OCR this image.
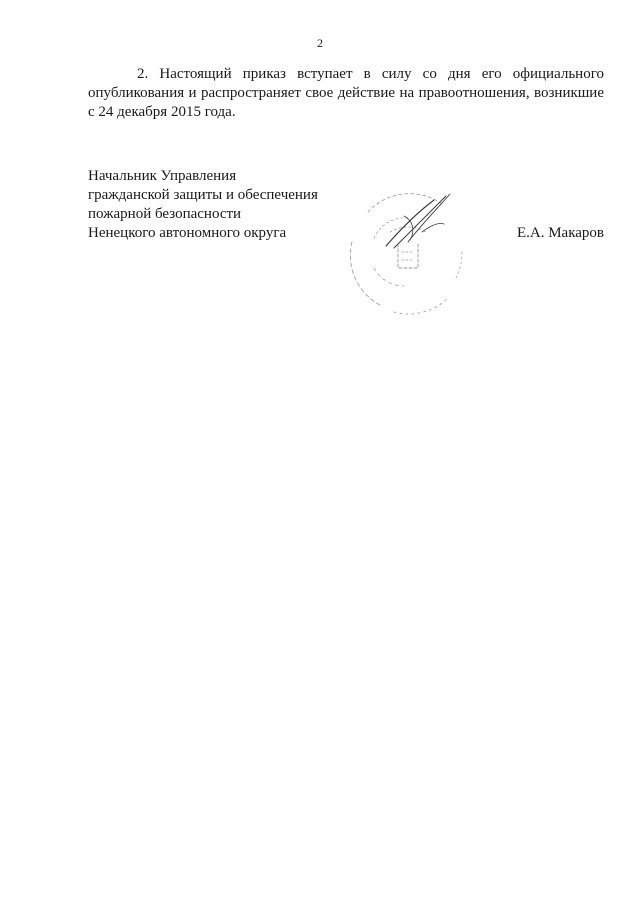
2

2. Настоящий приказ вступает в силу со дня его официального опубликования и распространяет свое действие на правоотношения, возникшие с 24 декабря 2015 года.

Начальник Управления
гражданской защиты и обеспечения
пожарной безопасности
Ненецкого автономного округа	Е.А. Макаров
